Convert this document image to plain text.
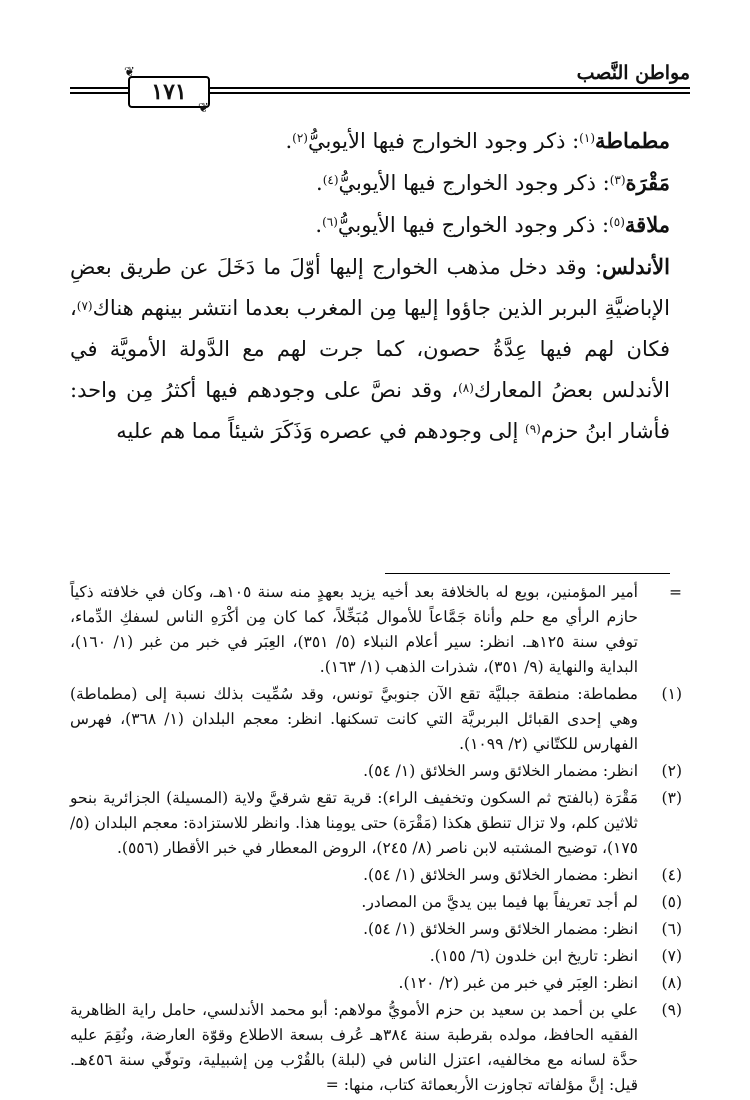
مواطن النَّصب
١٧١
❦
❦

مطماطة$^{(١)}$: ذكر وجود الخوارج فيها الأيوبيُّ$^{(٢)}$.

مَقْرَة$^{(٣)}$: ذكر وجود الخوارج فيها الأيوبيُّ$^{(٤)}$.

ملاقة$^{(٥)}$: ذكر وجود الخوارج فيها الأيوبيُّ$^{(٦)}$.

الأندلس: وقد دخل مذهب الخوارج إليها أوّلَ ما دَخَلَ عن طريق بعضِ الإباضيَّةِ البربر الذين جاؤوا إليها مِن المغرب بعدما انتشر بينهم هناك$^{(٧)}$، فكان لهم فيها عِدَّةُ حصون، كما جرت لهم مع الدَّولة الأمويَّة في الأندلس بعضُ المعارك$^{(٨)}$، وقد نصَّ على وجودهم فيها أكثرُ مِن واحد: فأشار ابنُ حزم$^{(٩)}$ إلى وجودهم في عصره وَذَكَرَ شيئاً مما هم عليه

=
أمير المؤمنين، بويع له بالخلافة بعد أخيه يزيد بعهدٍ منه سنة ١٠٥هـ، وكان في خلافته ذكياً حازم الرأي مع حلم وأناة جَمَّاعاً للأموال مُبَخِّلاً، كما كان مِن أكْرَهِ الناس لسفكِ الدِّماء، توفي سنة ١٢٥هـ. انظر: سير أعلام النبلاء (٥/ ٣٥١)، العِبَر في خبر من غبر (١/ ١٦٠)، البداية والنهاية (٩/ ٣٥١)، شذرات الذهب (١/ ١٦٣).
(١)
مطماطة: منطقة جبليَّة تقع الآن جنوبيَّ تونس، وقد سُمِّيت بذلك نسبة إلى (مطماطة) وهي إحدى القبائل البربريَّة التي كانت تسكنها. انظر: معجم البلدان (١/ ٣٦٨)، فهرس الفهارس للكتّاني (٢/ ١٠٩٩).
(٢)
انظر: مضمار الخلائق وسر الخلائق (١/ ٥٤).
(٣)
مَقْرَة (بالفتح ثم السكون وتخفيف الراء): قرية تقع شرقيَّ ولاية (المسيلة) الجزائرية بنحو ثلاثين كلم، ولا تزال تنطق هكذا (مَقْرَة) حتى يومِنا هذا. وانظر للاستزادة: معجم البلدان (٥/ ١٧٥)، توضيح المشتبه لابن ناصر (٨/ ٢٤٥)، الروض المعطار في خبر الأقطار (٥٥٦).
(٤)
انظر: مضمار الخلائق وسر الخلائق (١/ ٥٤).
(٥)
لم أجد تعريفاً بها فيما بين يديَّ من المصادر.
(٦)
انظر: مضمار الخلائق وسر الخلائق (١/ ٥٤).
(٧)
انظر: تاريخ ابن خلدون (٦/ ١٥٥).
(٨)
انظر: العِبَر في خبر من غبر (٢/ ١٢٠).
(٩)
علي بن أحمد بن سعيد بن حزم الأمويُّ مولاهم: أبو محمد الأندلسي، حامل راية الظاهرية الفقيه الحافظ، مولده بقرطبة سنة ٣٨٤هـ عُرف بسعة الاطلاع وقوّة العارضة، ونُقِمَ عليه حدَّة لسانه مع مخالفيه، اعتزل الناس في (لبلة) بالقُرْب مِن إشبيلية، وتوفّي سنة ٤٥٦هـ. قيل: إنَّ مؤلفاته تجاوزت الأربعمائة كتاب، منها: =
